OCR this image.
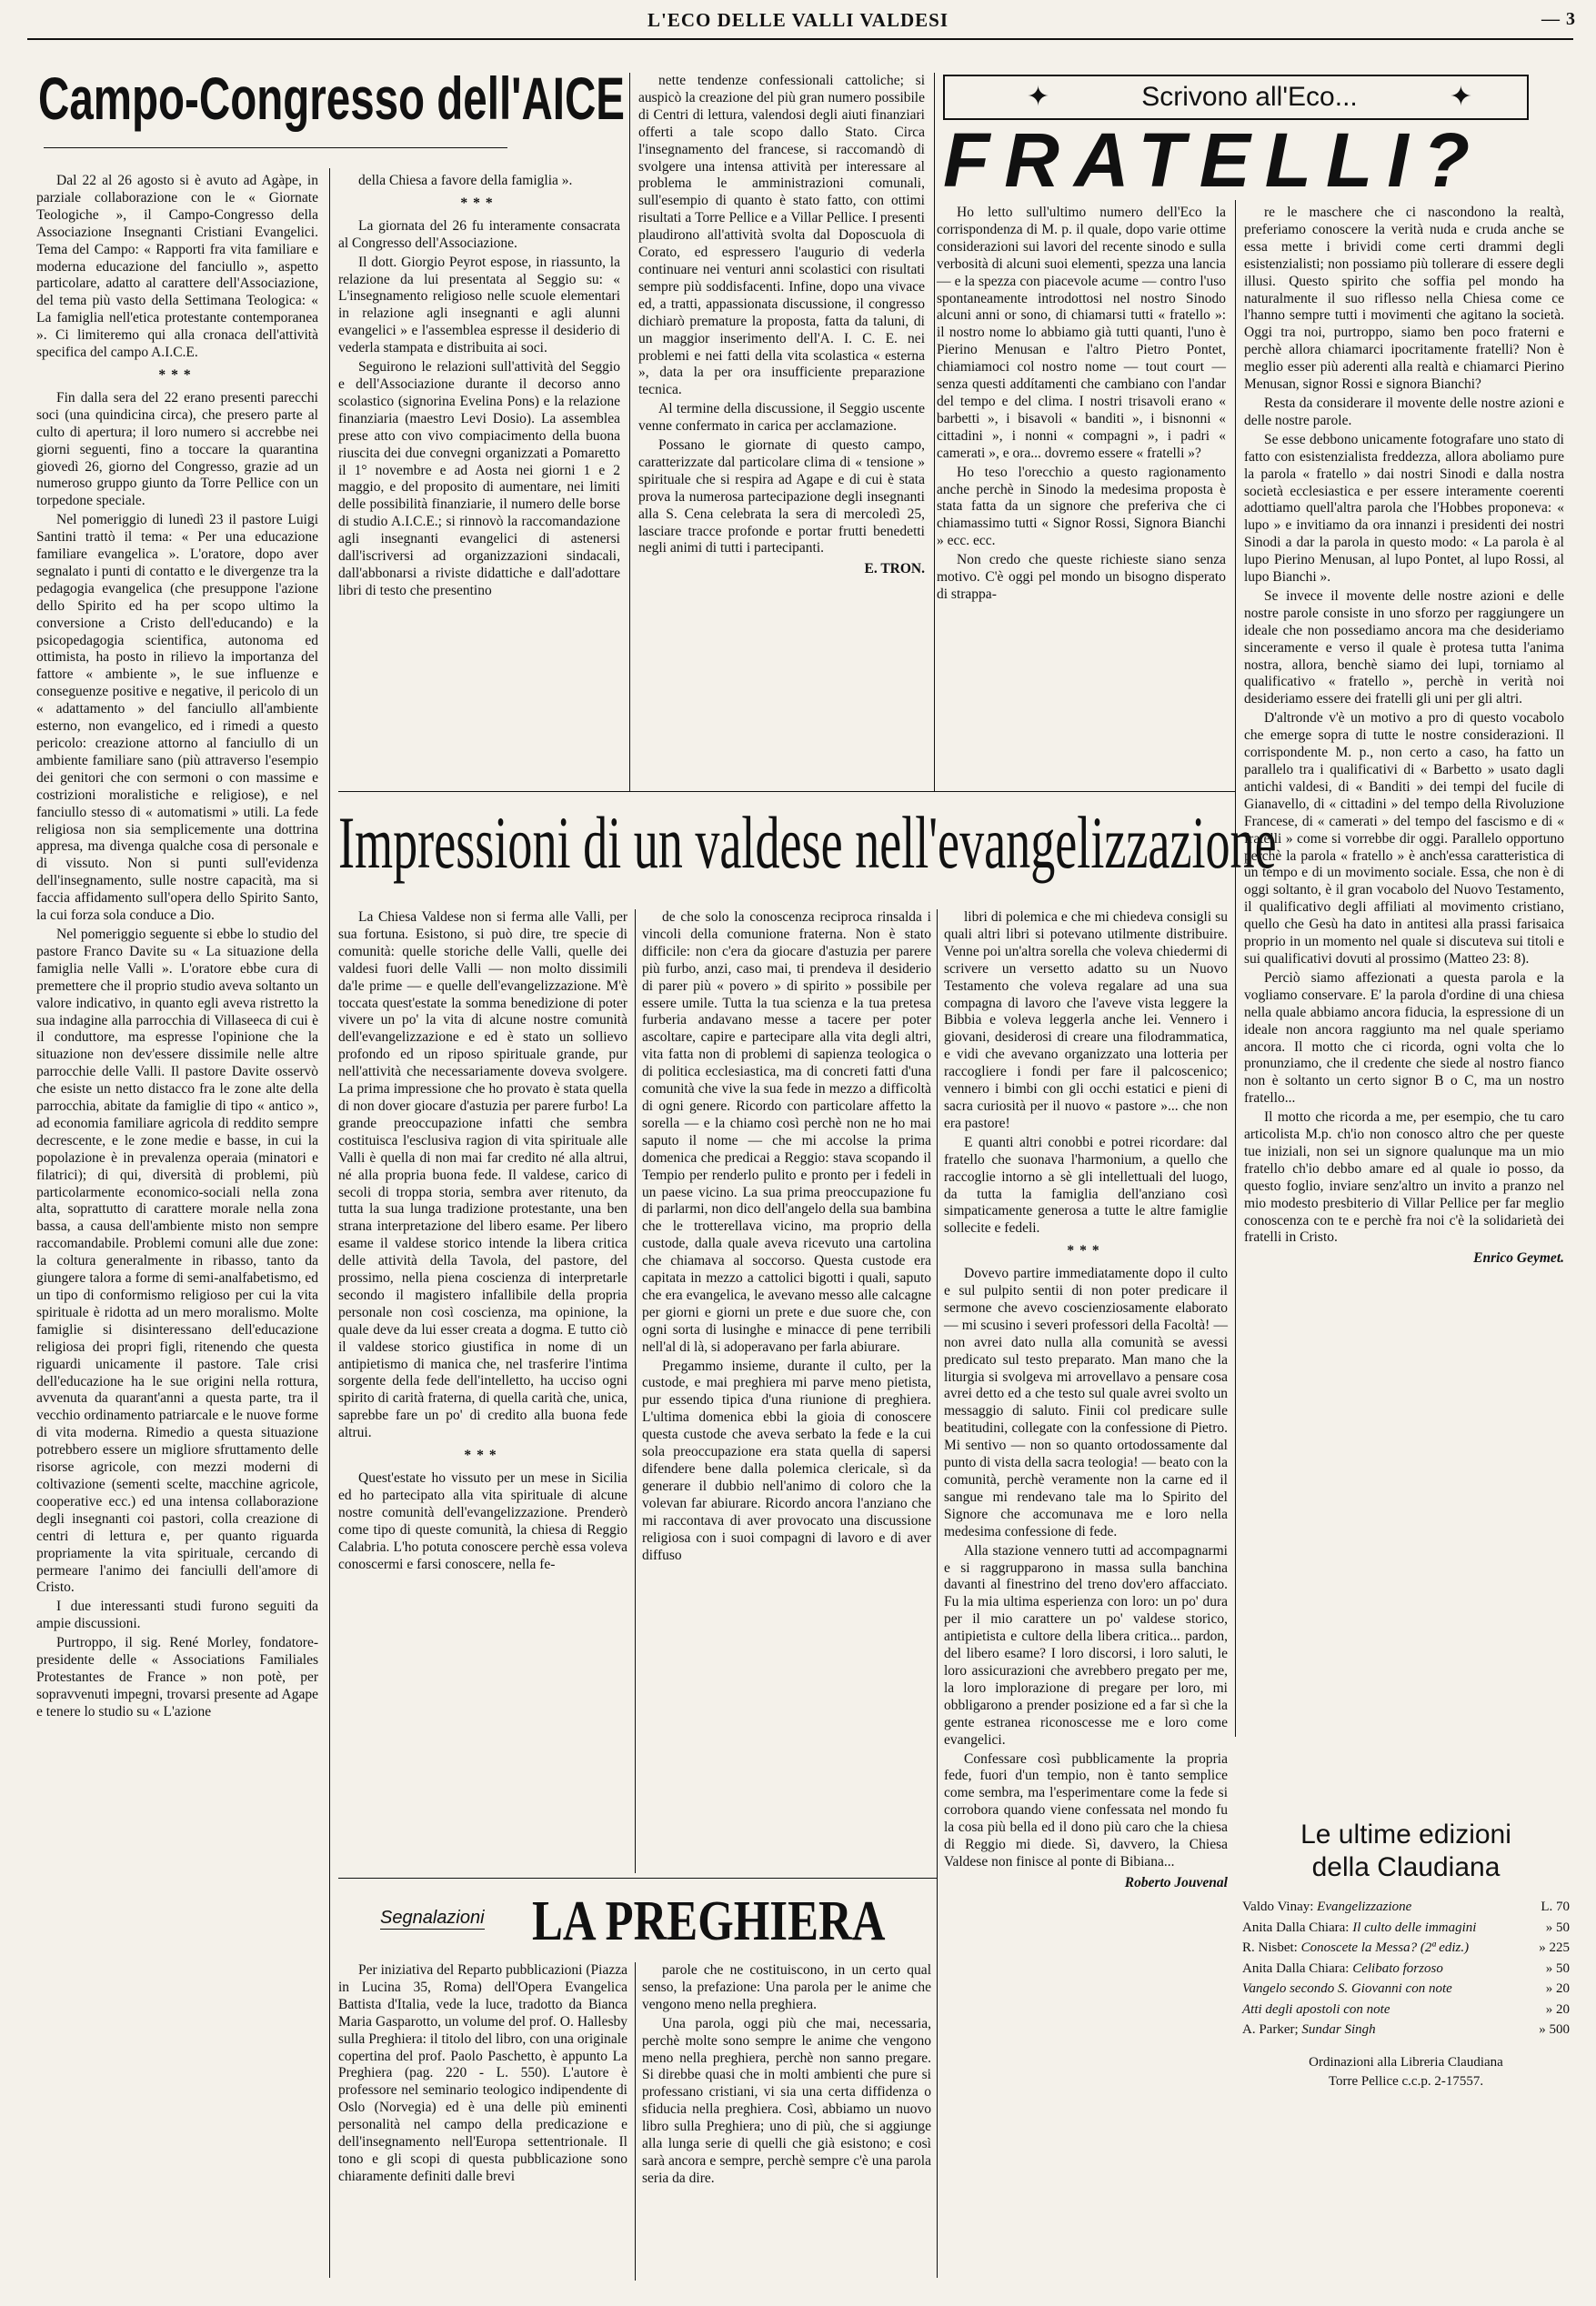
L'ECO DELLE VALLI VALDESI	— 3
Campo-Congresso dell'AICE

Dal 22 al 26 agosto si è avuto ad Agàpe, in parziale collaborazione con le « Giornate Teologiche », il Campo-Congresso della Associazione Insegnanti Cristiani Evangelici. Tema del Campo: « Rapporti fra vita familiare e moderna educazione del fanciullo », aspetto particolare, adatto al carattere dell'Associazione, del tema più vasto della Settimana Teologica: « La famiglia nell'etica protestante contemporanea ». Ci limiteremo qui alla cronaca dell'attività specifica del campo A.I.C.E.

***

Fin dalla sera del 22 erano presenti parecchi soci (una quindicina circa), che presero parte al culto di apertura; il loro numero si accrebbe nei giorni seguenti, fino a toccare la quarantina giovedì 26, giorno del Congresso, grazie ad un numeroso gruppo giunto da Torre Pellice con un torpedone speciale.

Nel pomeriggio di lunedì 23 il pastore Luigi Santini trattò il tema: « Per una educazione familiare evangelica ». L'oratore, dopo aver segnalato i punti di contatto e le divergenze tra la pedagogia evangelica (che presuppone l'azione dello Spirito ed ha per scopo ultimo la conversione a Cristo dell'educando) e la psicopedagogia scientifica, autonoma ed ottimista, ha posto in rilievo la importanza del fattore « ambiente », le sue influenze e conseguenze positive e negative, il pericolo di un « adattamento » del fanciullo all'ambiente esterno, non evangelico, ed i rimedi a questo pericolo: creazione attorno al fanciullo di un ambiente familiare sano (più attraverso l'esempio dei genitori che con sermoni o con massime e costrizioni moralistiche e religiose), e nel fanciullo stesso di « automatismi » utili. La fede religiosa non sia semplicemente una dottrina appresa, ma divenga qualche cosa di personale e di vissuto. Non si punti sull'evidenza dell'insegnamento, sulle nostre capacità, ma si faccia affidamento sull'opera dello Spirito Santo, la cui forza sola conduce a Dio.

Nel pomeriggio seguente si ebbe lo studio del pastore Franco Davite su « La situazione della famiglia nelle Valli ». L'oratore ebbe cura di premettere che il proprio studio aveva soltanto un valore indicativo, in quanto egli aveva ristretto la sua indagine alla parrocchia di Villaseeca di cui è il conduttore, ma espresse l'opinione che la situazione non dev'essere dissimile nelle altre parrocchie delle Valli. Il pastore Davite osservò che esiste un netto distacco fra le zone alte della parrocchia, abitate da famiglie di tipo « antico », ad economia familiare agricola di reddito sempre decrescente, e le zone medie e basse, in cui la popolazione è in prevalenza operaia (minatori e filatrici); di qui, diversità di problemi, più particolarmente economico-sociali nella zona alta, soprattutto di carattere morale nella zona bassa, a causa dell'ambiente misto non sempre raccomandabile. Problemi comuni alle due zone: la coltura generalmente in ribasso, tanto da giungere talora a forme di semi-analfabetismo, ed un tipo di conformismo religioso per cui la vita spirituale è ridotta ad un mero moralismo. Molte famiglie si disinteressano dell'educazione religiosa dei propri figli, ritenendo che questa riguardi unicamente il pastore. Tale crisi dell'educazione ha le sue origini nella rottura, avvenuta da quarant'anni a questa parte, tra il vecchio ordinamento patriarcale e le nuove forme di vita moderna. Rimedio a questa situazione potrebbero essere un migliore sfruttamento delle risorse agricole, con mezzi moderni di coltivazione (sementi scelte, macchine agricole, cooperative ecc.) ed una intensa collaborazione degli insegnanti coi pastori, colla creazione di centri di lettura e, per quanto riguarda propriamente la vita spirituale, cercando di permeare l'animo dei fanciulli dell'amore di Cristo.

I due interessanti studi furono seguiti da ampie discussioni.

Purtroppo, il sig. René Morley, fondatore-presidente delle « Associations Familiales Protestantes de France » non potè, per sopravvenuti impegni, trovarsi presente ad Agape e tenere lo studio su « L'azione

della Chiesa a favore della famiglia ».

***

La giornata del 26 fu interamente consacrata al Congresso dell'Associazione.

Il dott. Giorgio Peyrot espose, in riassunto, la relazione da lui presentata al Seggio su: « L'insegnamento religioso nelle scuole elementari in relazione agli insegnanti e agli alunni evangelici » e l'assemblea espresse il desiderio di vederla stampata e distribuita ai soci.

Seguirono le relazioni sull'attività del Seggio e dell'Associazione durante il decorso anno scolastico (signorina Evelina Pons) e la relazione finanziaria (maestro Levi Dosio). La assemblea prese atto con vivo compiacimento della buona riuscita dei due convegni organizzati a Pomaretto il 1° novembre e ad Aosta nei giorni 1 e 2 maggio, e del proposito di aumentare, nei limiti delle possibilità finanziarie, il numero delle borse di studio A.I.C.E.; si rinnovò la raccomandazione agli insegnanti evangelici di astenersi dall'iscriversi ad organizzazioni sindacali, dall'abbonarsi a riviste didattiche e dall'adottare libri di testo che presentino

nette tendenze confessionali cattoliche; si auspicò la creazione del più gran numero possibile di Centri di lettura, valendosi degli aiuti finanziari offerti a tale scopo dallo Stato. Circa l'insegnamento del francese, si raccomandò di svolgere una intensa attività per interessare al problema le amministrazioni comunali, sull'esempio di quanto è stato fatto, con ottimi risultati a Torre Pellice e a Villar Pellice. I presenti plaudirono all'attività svolta dal Doposcuola di Corato, ed espressero l'augurio di vederla continuare nei venturi anni scolastici con risultati sempre più soddisfacenti. Infine, dopo una vivace ed, a tratti, appassionata discussione, il congresso dichiarò premature la proposta, fatta da taluni, di un maggior inserimento dell'A. I. C. E. nei problemi e nei fatti della vita scolastica « esterna », data la per ora insufficiente preparazione tecnica.

Al termine della discussione, il Seggio uscente venne confermato in carica per acclamazione.

Possano le giornate di questo campo, caratterizzate dal particolare clima di « tensione » spirituale che si respira ad Agape e di cui è stata prova la numerosa partecipazione degli insegnanti alla S. Cena celebrata la sera di mercoledì 25, lasciare tracce profonde e portar frutti benedetti negli animi di tutti i partecipanti.

E. TRON.
✦	Scrivono all'Eco...	✦
FRATELLI?

Ho letto sull'ultimo numero dell'Eco la corrispondenza di M. p. il quale, dopo varie ottime considerazioni sui lavori del recente sinodo e sulla verbosità di alcuni suoi elementi, spezza una lancia — e la spezza con piacevole acume — contro l'uso spontaneamente introdottosi nel nostro Sinodo alcuni anni or sono, di chiamarsi tutti « fratello »: il nostro nome lo abbiamo già tutti quanti, l'uno è Pierino Menusan e l'altro Pietro Pontet, chiamiamoci col nostro nome — tout court — senza questi addítamenti che cambiano con l'andar del tempo e del clima. I nostri trisavoli erano « barbetti », i bisavoli « banditi », i bisnonni « cittadini », i nonni « compagni », i padri « camerati », e ora... dovremo essere « fratelli »?

Ho teso l'orecchio a questo ragionamento anche perchè in Sinodo la medesima proposta è stata fatta da un signore che preferiva che ci chiamassimo tutti « Signor Rossi, Signora Bianchi » ecc. ecc.

Non credo che queste richieste siano senza motivo. C'è oggi pel mondo un bisogno disperato di strappa-

re le maschere che ci nascondono la realtà, preferiamo conoscere la verità nuda e cruda anche se essa mette i brividi come certi drammi degli esistenzialisti; non possiamo più tollerare di essere degli illusi. Questo spirito che soffia pel mondo ha naturalmente il suo riflesso nella Chiesa come ce l'hanno sempre tutti i movimenti che agitano la società. Oggi tra noi, purtroppo, siamo ben poco fraterni e perchè allora chiamarci ipocritamente fratelli? Non è meglio esser più aderenti alla realtà e chiamarci Pierino Menusan, signor Rossi e signora Bianchi?

Resta da considerare il movente delle nostre azioni e delle nostre parole.

Se esse debbono unicamente fotografare uno stato di fatto con esistenzialista freddezza, allora aboliamo pure la parola « fratello » dai nostri Sinodi e dalla nostra società ecclesiastica e per essere interamente coerenti adottiamo quell'altra parola che l'Hobbes proponeva: « lupo » e invitiamo da ora innanzi i presidenti dei nostri Sinodi a dar la parola in questo modo: « La parola è al lupo Pierino Menusan, al lupo Pontet, al lupo Rossi, al lupo Bianchi ».

Se invece il movente delle nostre azioni e delle nostre parole consiste in uno sforzo per raggiungere un ideale che non possediamo ancora ma che desideriamo sinceramente e verso il quale è protesa tutta l'anima nostra, allora, benchè siamo dei lupi, torniamo al qualificativo « fratello », perchè in verità noi desideriamo essere dei fratelli gli uni per gli altri.

D'altronde v'è un motivo a pro di questo vocabolo che emerge sopra di tutte le nostre considerazioni. Il corrispondente M. p., non certo a caso, ha fatto un parallelo tra i qualificativi di « Barbetto » usato dagli antichi valdesi, di « Banditi » dei tempi del fucile di Gianavello, di « cittadini » del tempo della Rivoluzione Francese, di « camerati » del tempo del fascismo e di « fratelli » come si vorrebbe dir oggi. Parallelo opportuno perchè la parola « fratello » è anch'essa caratteristica di un tempo e di un movimento sociale. Essa, che non è di oggi soltanto, è il gran vocabolo del Nuovo Testamento, il qualificativo degli affiliati al movimento cristiano, quello che Gesù ha dato in antitesi alla prassi farisaica proprio in un momento nel quale si discuteva sui titoli e sui qualificativi dovuti al prossimo (Matteo 23: 8).

Perciò siamo affezionati a questa parola e la vogliamo conservare. E' la parola d'ordine di una chiesa nella quale abbiamo ancora fiducia, la espressione di un ideale non ancora raggiunto ma nel quale speriamo ancora. Il motto che ci ricorda, ogni volta che lo pronunziamo, che il credente che siede al nostro fianco non è soltanto un certo signor B o C, ma un nostro fratello...

Il motto che ricorda a me, per esempio, che tu caro articolista M.p. ch'io non conosco altro che per queste tue iniziali, non sei un signore qualunque ma un mio fratello ch'io debbo amare ed al quale io posso, da questo foglio, inviare senz'altro un invito a pranzo nel mio modesto presbiterio di Villar Pellice per far meglio conoscenza con te e perchè fra noi c'è la solidarietà dei fratelli in Cristo.

Enrico Geymet.
Impressioni di un valdese nell'evangelizzazione

La Chiesa Valdese non si ferma alle Valli, per sua fortuna. Esistono, si può dire, tre specie di comunità: quelle storiche delle Valli, quelle dei valdesi fuori delle Valli — non molto dissimili da'le prime — e quelle dell'evangelizzazione. M'è toccata quest'estate la somma benedizione di poter vivere un po' la vita di alcune nostre comunità dell'evangelizzazione e ed è stato un sollievo profondo ed un riposo spirituale grande, pur nell'attività che necessariamente doveva svolgere. La prima impressione che ho provato è stata quella di non dover giocare d'astuzia per parere furbo! La grande preoccupazione infatti che sembra costituisca l'esclusiva ragion di vita spirituale alle Valli è quella di non mai far credito né alla altrui, né alla propria buona fede. Il valdese, carico di secoli di troppa storia, sembra aver ritenuto, da tutta la sua lunga tradizione protestante, una ben strana interpretazione del libero esame. Per libero esame il valdese storico intende la libera critica delle attività della Tavola, del pastore, del prossimo, nella piena coscienza di interpretarle secondo il magistero infallibile della propria personale non così coscienza, ma opinione, la quale deve da lui esser creata a dogma. E tutto ciò il valdese storico giustifica in nome di un antipietismo di manica che, nel trasferire l'intima sorgente della fede dell'intelletto, ha ucciso ogni spirito di carità fraterna, di quella carità che, unica, saprebbe fare un po' di credito alla buona fede altrui.

***

Quest'estate ho vissuto per un mese in Sicilia ed ho partecipato alla vita spirituale di alcune nostre comunità dell'evangelizzazione. Prenderò come tipo di queste comunità, la chiesa di Reggio Calabria. L'ho potuta conoscere perchè essa voleva conoscermi e farsi conoscere, nella fe-

de che solo la conoscenza reciproca rinsalda i vincoli della comunione fraterna. Non è stato difficile: non c'era da giocare d'astuzia per parere più furbo, anzi, caso mai, ti prendeva il desiderio di parer più « povero » di spirito » possibile per essere umile. Tutta la tua scienza e la tua pretesa furberia andavano messe a tacere per poter ascoltare, capire e partecipare alla vita degli altri, vita fatta non di problemi di sapienza teologica o di politica ecclesiastica, ma di concreti fatti d'una comunità che vive la sua fede in mezzo a difficoltà di ogni genere. Ricordo con particolare affetto la sorella — e la chiamo così perchè non ne ho mai saputo il nome — che mi accolse la prima domenica che predicai a Reggio: stava scopando il Tempio per renderlo pulito e pronto per i fedeli in un paese vicino. La sua prima preoccupazione fu di parlarmi, non dico dell'angelo della sua bambina che le trotterellava vicino, ma proprio della custode, dalla quale aveva ricevuto una cartolina che chiamava al soccorso. Questa custode era capitata in mezzo a cattolici bigotti i quali, saputo che era evangelica, le avevano messo alle calcagne per giorni e giorni un prete e due suore che, con ogni sorta di lusinghe e minacce di pene terribili nell'al di là, si adoperavano per farla abiurare.

Pregammo insieme, durante il culto, per la custode, e mai preghiera mi parve meno pietista, pur essendo tipica d'una riunione di preghiera. L'ultima domenica ebbi la gioia di conoscere questa custode che aveva serbato la fede e la cui sola preoccupazione era stata quella di sapersi difendere bene dalla polemica clericale, sì da generare il dubbio nell'animo di coloro che la volevan far abiurare. Ricordo ancora l'anziano che mi raccontava di aver provocato una discussione religiosa con i suoi compagni di lavoro e di aver diffuso

libri di polemica e che mi chiedeva consigli su quali altri libri si potevano utilmente distribuire. Venne poi un'altra sorella che voleva chiedermi di scrivere un versetto adatto su un Nuovo Testamento che voleva regalare ad una sua compagna di lavoro che l'aveve vista leggere la Bibbia e voleva leggerla anche lei. Vennero i giovani, desiderosi di creare una filodrammatica, e vidi che avevano organizzato una lotteria per raccogliere i fondi per fare il palcoscenico; vennero i bimbi con gli occhi estatici e pieni di sacra curiosità per il nuovo « pastore »... che non era pastore!

E quanti altri conobbi e potrei ricordare: dal fratello che suonava l'harmonium, a quello che raccoglie intorno a sè gli intellettuali del luogo, da tutta la famiglia dell'anziano così simpaticamente generosa a tutte le altre famiglie sollecite e fedeli.

***

Dovevo partire immediatamente dopo il culto e sul pulpito sentii di non poter predicare il sermone che avevo coscienziosamente elaborato — mi scusino i severi professori della Facoltà! — non avrei dato nulla alla comunità se avessi predicato sul testo preparato. Man mano che la liturgia si svolgeva mi arrovellavo a pensare cosa avrei detto ed a che testo sul quale avrei svolto un messaggio di saluto. Finii col predicare sulle beatitudini, collegate con la confessione di Pietro. Mi sentivo — non so quanto ortodossamente dal punto di vista della sacra teologia! — beato con la comunità, perchè veramente non la carne ed il sangue mi rendevano tale ma lo Spirito del Signore che accomunava me e loro nella medesima confessione di fede.

Alla stazione vennero tutti ad accompagnarmi e si raggrupparono in massa sulla banchina davanti al finestrino del treno dov'ero affacciato. Fu la mia ultima esperienza con loro: un po' dura per il mio carattere un po' valdese storico, antipietista e cultore della libera critica... pardon, del libero esame? I loro discorsi, i loro saluti, le loro assicurazioni che avrebbero pregato per me, la loro implorazione di pregare per loro, mi obbligarono a prender posizione ed a far sì che la gente estranea riconoscesse me e loro come evangelici.

Confessare così pubblicamente la propria fede, fuori d'un tempio, non è tanto semplice come sembra, ma l'esperimentare come la fede si corrobora quando viene confessata nel mondo fu la cosa più bella ed il dono più caro che la chiesa di Reggio mi diede. Sì, davvero, la Chiesa Valdese non finisce al ponte di Bibiana...

Roberto Jouvenal
Segnalazioni LA PREGHIERA

Per iniziativa del Reparto pubblicazioni (Piazza in Lucina 35, Roma) dell'Opera Evangelica Battista d'Italia, vede la luce, tradotto da Bianca Maria Gasparotto, un volume del prof. O. Hallesby sulla Preghiera: il titolo del libro, con una originale copertina del prof. Paolo Paschetto, è appunto La Preghiera (pag. 220 - L. 550). L'autore è professore nel seminario teologico indipendente di Oslo (Norvegia) ed è una delle più eminenti personalità nel campo della predicazione e dell'insegnamento nell'Europa settentrionale. Il tono e gli scopi di questa pubblicazione sono chiaramente definiti dalle brevi

parole che ne costituiscono, in un certo qual senso, la prefazione: Una parola per le anime che vengono meno nella preghiera.

Una parola, oggi più che mai, necessaria, perchè molte sono sempre le anime che vengono meno nella preghiera, perchè non sanno pregare. Si direbbe quasi che in molti ambienti che pure si professano cristiani, vi sia una certa diffidenza o sfiducia nella preghiera. Così, abbiamo un nuovo libro sulla Preghiera; uno di più, che si aggiunge alla lunga serie di quelli che già esistono; e così sarà ancora e sempre, perchè sempre c'è una parola seria da dire.

Le ultime edizioni
della Claudiana
Valdo Vinay: Evangelizzazione	L. 70
Anita Dalla Chiara: Il culto delle immagini	» 50
R. Nisbet: Conoscete la Messa? (2ª ediz.)	» 225
Anita Dalla Chiara: Celibato forzoso	» 50
Vangelo secondo S. Giovanni con note	» 20
Atti degli apostoli con note	» 20
A. Parker; Sundar Singh	» 500
Ordinazioni alla Libreria Claudiana
Torre Pellice c.c.p. 2-17557.
